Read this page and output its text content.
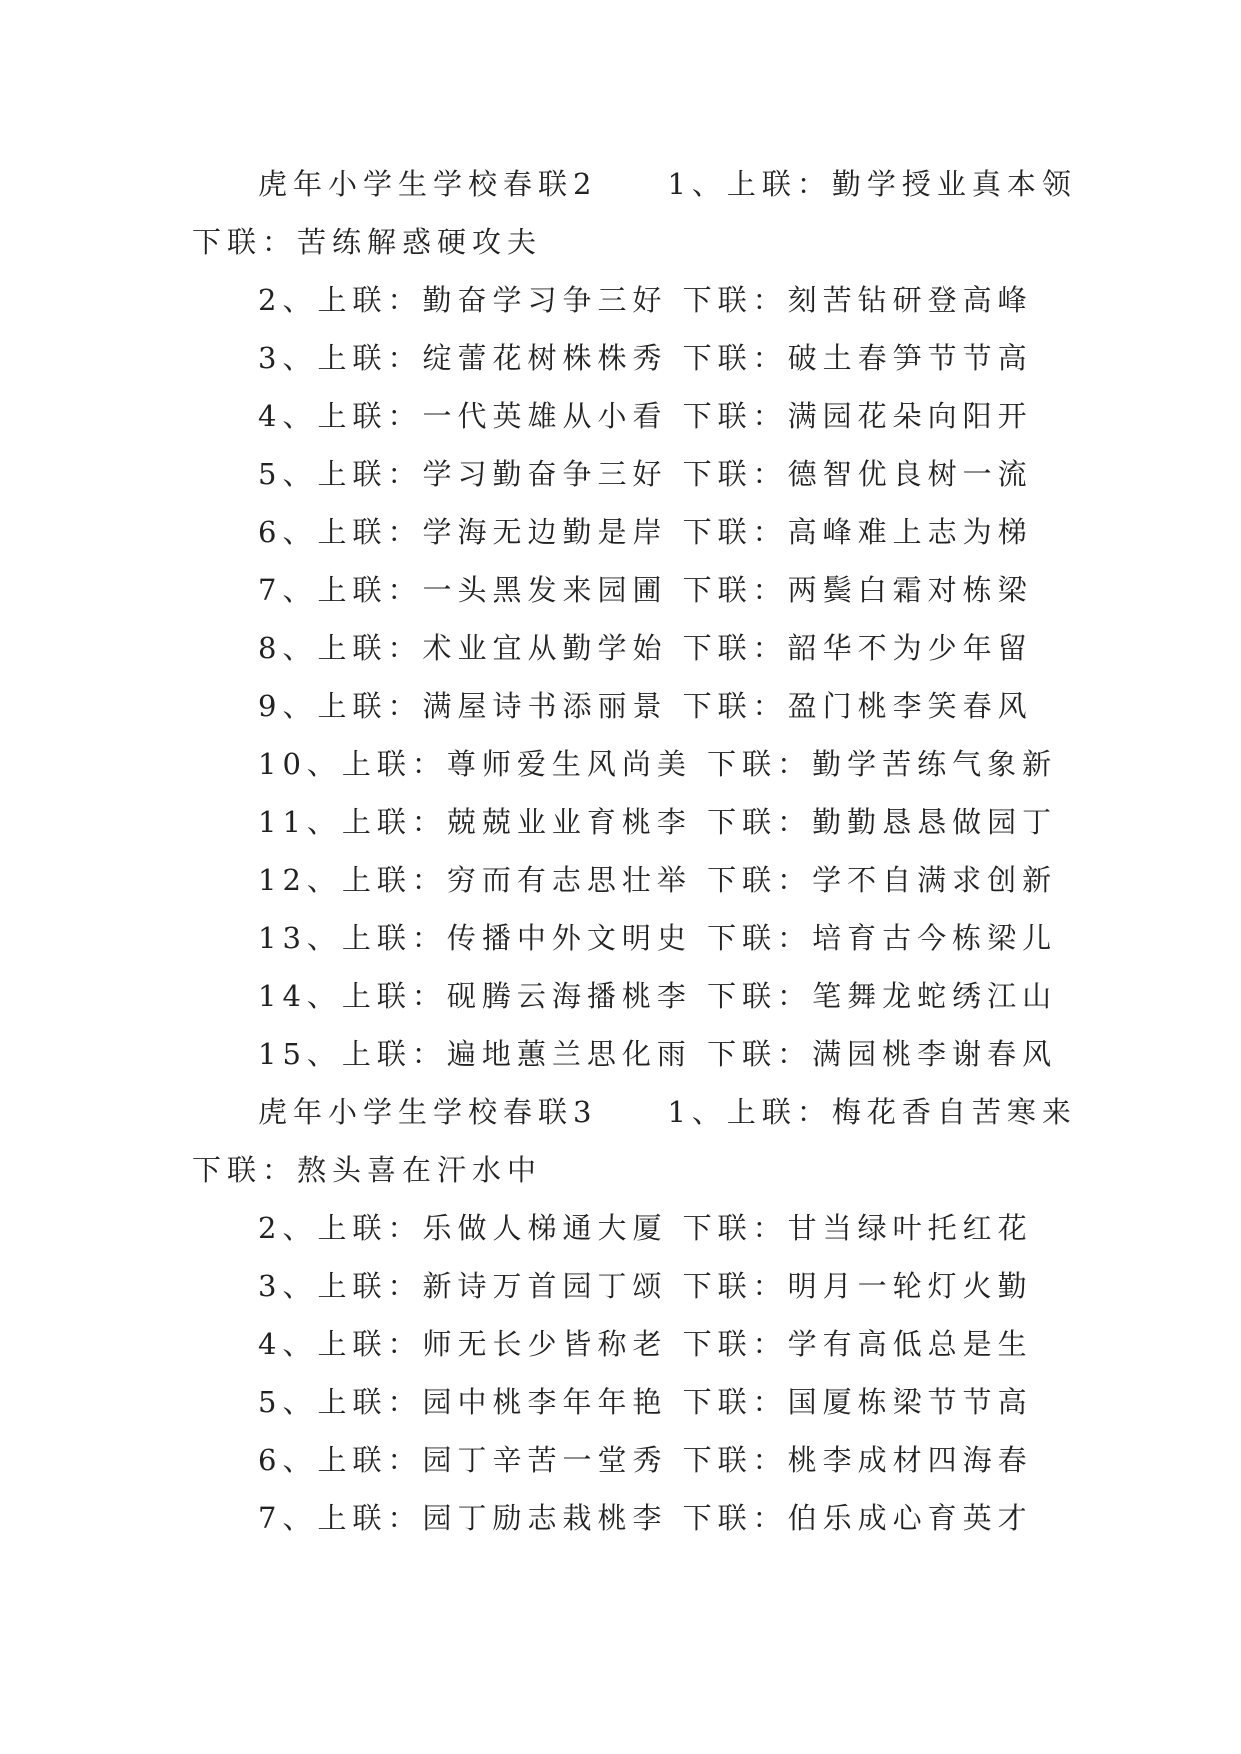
虎年小学生学校春联2　　1、上联：勤学授业真本领
下联：苦练解惑硬攻夫
2、上联：勤奋学习争三好 下联：刻苦钻研登高峰
3、上联：绽蕾花树株株秀 下联：破土春笋节节高
4、上联：一代英雄从小看 下联：满园花朵向阳开
5、上联：学习勤奋争三好 下联：德智优良树一流
6、上联：学海无边勤是岸 下联：高峰难上志为梯
7、上联：一头黑发来园圃 下联：两鬓白霜对栋梁
8、上联：术业宜从勤学始 下联：韶华不为少年留
9、上联：满屋诗书添丽景 下联：盈门桃李笑春风
10、上联：尊师爱生风尚美 下联：勤学苦练气象新
11、上联：兢兢业业育桃李 下联：勤勤恳恳做园丁
12、上联：穷而有志思壮举 下联：学不自满求创新
13、上联：传播中外文明史 下联：培育古今栋梁儿
14、上联：砚腾云海播桃李 下联：笔舞龙蛇绣江山
15、上联：遍地蕙兰思化雨 下联：满园桃李谢春风
虎年小学生学校春联3　　1、上联：梅花香自苦寒来
下联：熬头喜在汗水中
2、上联：乐做人梯通大厦 下联：甘当绿叶托红花
3、上联：新诗万首园丁颂 下联：明月一轮灯火勤
4、上联：师无长少皆称老 下联：学有高低总是生
5、上联：园中桃李年年艳 下联：国厦栋梁节节高
6、上联：园丁辛苦一堂秀 下联：桃李成材四海春
7、上联：园丁励志栽桃李 下联：伯乐成心育英才
